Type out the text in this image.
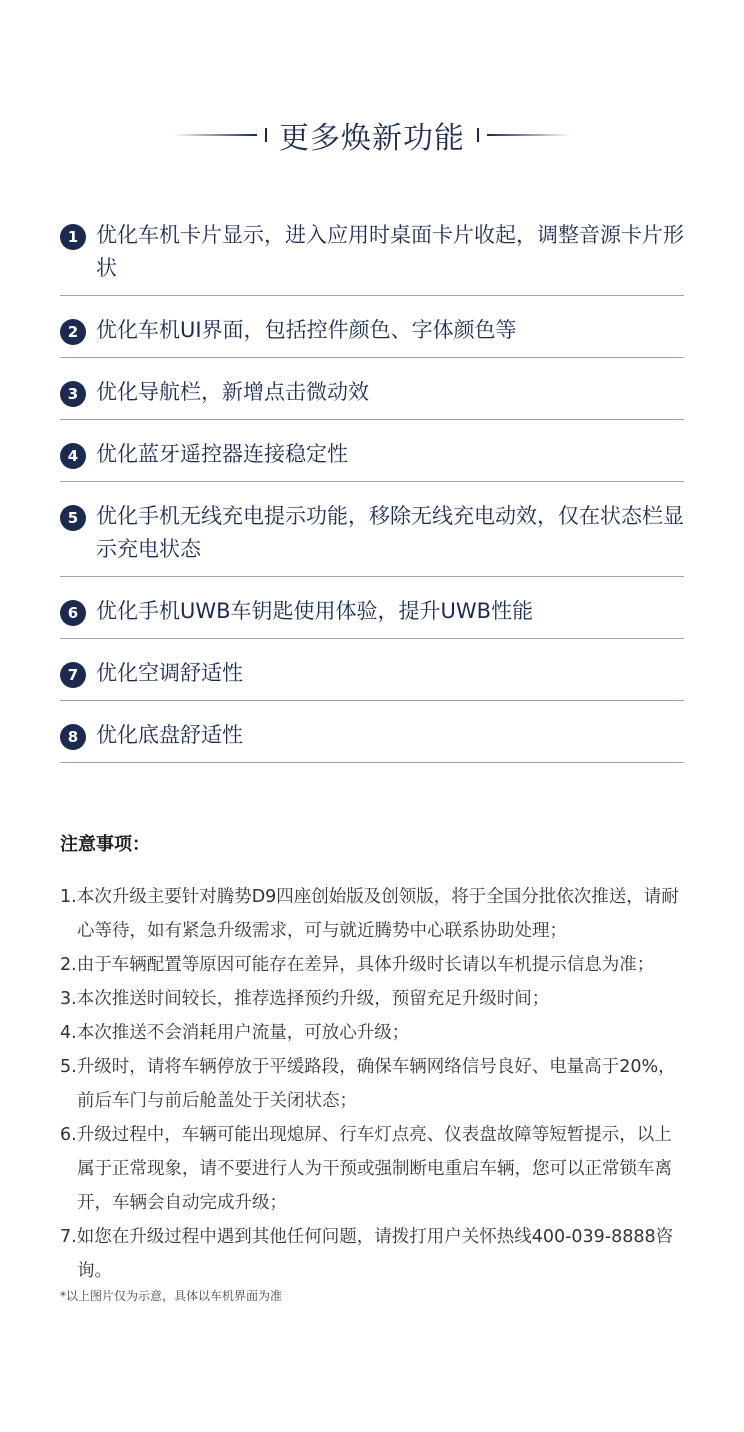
更多焕新功能
1 优化车机卡片显示，进入应用时桌面卡片收起，调整音源卡片形状
2 优化车机UI界面，包括控件颜色、字体颜色等
3 优化导航栏，新增点击微动效
4 优化蓝牙遥控器连接稳定性
5 优化手机无线充电提示功能，移除无线充电动效，仅在状态栏显示充电状态
6 优化手机UWB车钥匙使用体验，提升UWB性能
7 优化空调舒适性
8 优化底盘舒适性
注意事项：
1.本次升级主要针对腾势D9四座创始版及创领版，将于全国分批依次推送，请耐心等待，如有紧急升级需求，可与就近腾势中心联系协助处理；
2.由于车辆配置等原因可能存在差异，具体升级时长请以车机提示信息为准；
3.本次推送时间较长，推荐选择预约升级，预留充足升级时间；
4.本次推送不会消耗用户流量，可放心升级；
5.升级时，请将车辆停放于平缓路段，确保车辆网络信号良好、电量高于20%，前后车门与前后舱盖处于关闭状态；
6.升级过程中，车辆可能出现熄屏、行车灯点亮、仪表盘故障等短暂提示，以上属于正常现象，请不要进行人为干预或强制断电重启车辆，您可以正常锁车离开，车辆会自动完成升级；
7.如您在升级过程中遇到其他任何问题，请拨打用户关怀热线400-039-8888咨询。
*以上图片仅为示意，具体以车机界面为准
